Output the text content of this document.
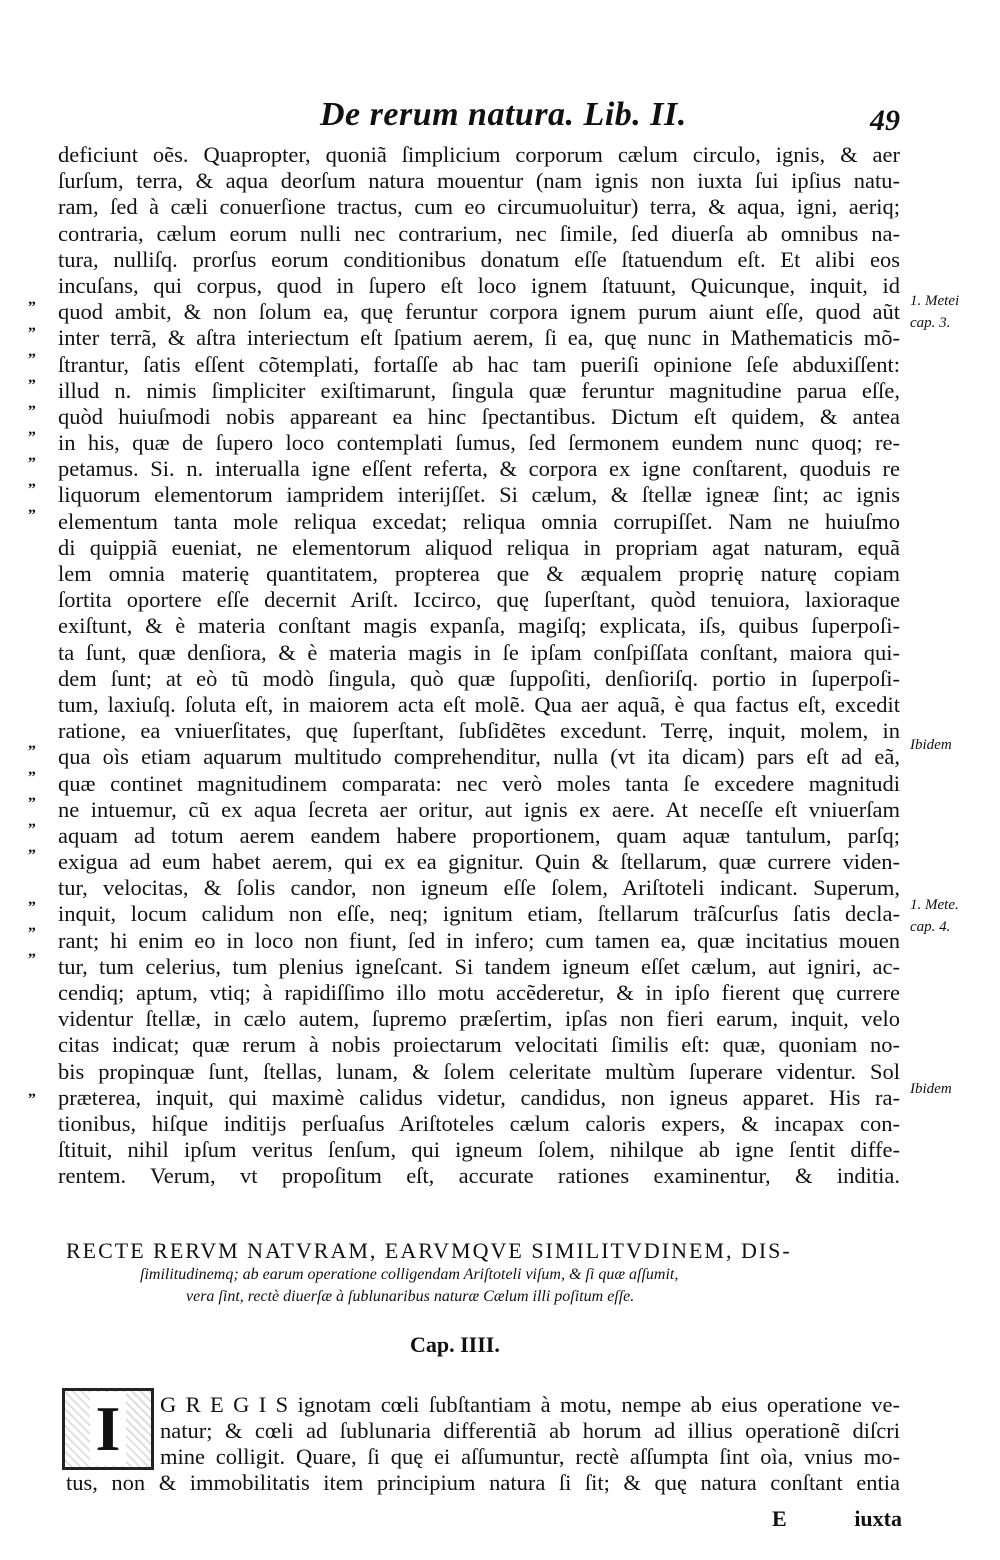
De rerum natura. Lib. II.	49
„
„
„
„
„
„
„
„
„
„
„
„
„
„
„
„
„
„
deficiunt oẽs. Quapropter, quoniã ſimplicium corporum cælum circulo, ignis, & aer
ſurſum, terra, & aqua deorſum natura mouentur (nam ignis non iuxta ſui ipſius natu-
ram, ſed à cæli conuerſione tractus, cum eo circumuoluitur) terra, & aqua, igni, aeriq;
contraria, cælum eorum nulli nec contrarium, nec ſimile, ſed diuerſa ab omnibus na-
tura, nulliſq. prorſus eorum conditionibus donatum eſſe ſtatuendum eſt. Et alibi eos
incuſans, qui corpus, quod in ſupero eſt loco ignem ſtatuunt, Quicunque, inquit, id
quod ambit, & non ſolum ea, quę feruntur corpora ignem purum aiunt eſſe, quod aũt
inter terrã, & aſtra interiectum eſt ſpatium aerem, ſi ea, quę nunc in Mathematicis mõ-
ſtrantur, ſatis eſſent cõtemplati, fortaſſe ab hac tam pueriſi opinione ſeſe abduxiſſent:
illud n. nimis ſimpliciter exiſtimarunt, ſingula quæ feruntur magnitudine parua eſſe,
quòd huiuſmodi nobis appareant ea hinc ſpectantibus. Dictum eſt quidem, & antea
in his, quæ de ſupero loco contemplati ſumus, ſed ſermonem eundem nunc quoq; re-
petamus. Si. n. interualla igne eſſent referta, & corpora ex igne conſtarent, quoduis re
liquorum elementorum iampridem interijſſet. Si cælum, & ſtellæ igneæ ſint; ac ignis
elementum tanta mole reliqua excedat; reliqua omnia corrupiſſet. Nam ne huiuſmo
di quippiã eueniat, ne elementorum aliquod reliqua in propriam agat naturam, equã
lem omnia materię quantitatem, propterea que & æqualem proprię naturę copiam
ſortita oportere eſſe decernit Ariſt. Iccirco, quę ſuperſtant, quòd tenuiora, laxioraque
exiſtunt, & è materia conſtant magis expanſa, magiſq; explicata, iſs, quibus ſuperpoſi-
ta ſunt, quæ denſiora, & è materia magis in ſe ipſam conſpiſſata conſtant, maiora qui-
dem ſunt; at eò tũ modò ſingula, quò quæ ſuppoſiti, denſioriſq. portio in ſuperpoſi-
tum, laxiuſq. ſoluta eſt, in maiorem acta eſt molẽ. Qua aer aquã, è qua factus eſt, excedit
ratione, ea vniuerſitates, quę ſuperſtant, ſubſidẽtes excedunt. Terrę, inquit, molem, in
qua oìs etiam aquarum multitudo comprehenditur, nulla (vt ita dicam) pars eſt ad eã,
quæ continet magnitudinem comparata: nec verò moles tanta ſe excedere magnitudi
ne intuemur, cũ ex aqua ſecreta aer oritur, aut ignis ex aere. At neceſſe eſt vniuerſam
aquam ad totum aerem eandem habere proportionem, quam aquæ tantulum, parſq;
exigua ad eum habet aerem, qui ex ea gignitur. Quin & ſtellarum, quæ currere viden-
tur, velocitas, & ſolis candor, non igneum eſſe ſolem, Ariſtoteli indicant. Superum,
inquit, locum calidum non eſſe, neq; ignitum etiam, ſtellarum trãſcurſus ſatis decla-
rant; hi enim eo in loco non fiunt, ſed in infero; cum tamen ea, quæ incitatius mouen
tur, tum celerius, tum plenius igneſcant. Si tandem igneum eſſet cælum, aut igniri, ac-
cendiq; aptum, vtiq; à rapidiſſimo illo motu accẽderetur, & in ipſo fierent quę currere
videntur ſtellæ, in cælo autem, ſupremo præſertim, ipſas non fieri earum, inquit, velo
citas indicat; quæ rerum à nobis proiectarum velocitati ſimilis eſt: quæ, quoniam no-
bis propinquæ ſunt, ſtellas, lunam, & ſolem celeritate multùm ſuperare videntur. Sol
præterea, inquit, qui maximè calidus videtur, candidus, non igneus apparet. His ra-
tionibus, hiſque inditijs perſuaſus Ariſtoteles cælum caloris expers, & incapax con-
ſtituit, nihil ipſum veritus ſenſum, qui igneum ſolem, nihilque ab igne ſentit diffe-
rentem. Verum, vt propoſitum eſt, accurate rationes examinentur, & inditia.
1. Metei
cap. 3.
Ibidem
1. Mete.
cap. 4.
Ibidem
RECTE RERVM NATVRAM, EARVMQVE SIMILITVDINEM, DIS-
ſimilitudinemq; ab earum operatione colligendam Ariſtoteli viſum, & ſi quæ aſſumit,
vera ſint, rectè diuerſæ à ſublunaribus naturæ Cælum illi poſitum eſſe.
Cap. IIII.
I G R E G I S ignotam cœli ſubſtantiam à motu, nempe ab eius operatione ve-
natur; & cœli ad ſublunaria differentiã ab horum ad illius operationẽ diſcri
mine colligit. Quare, ſi quę ei aſſumuntur, rectè aſſumpta ſint oìa, vnius mo-
tus, non & immobilitatis item principium natura ſi ſit; & quę natura conſtant entia
E	iuxta
